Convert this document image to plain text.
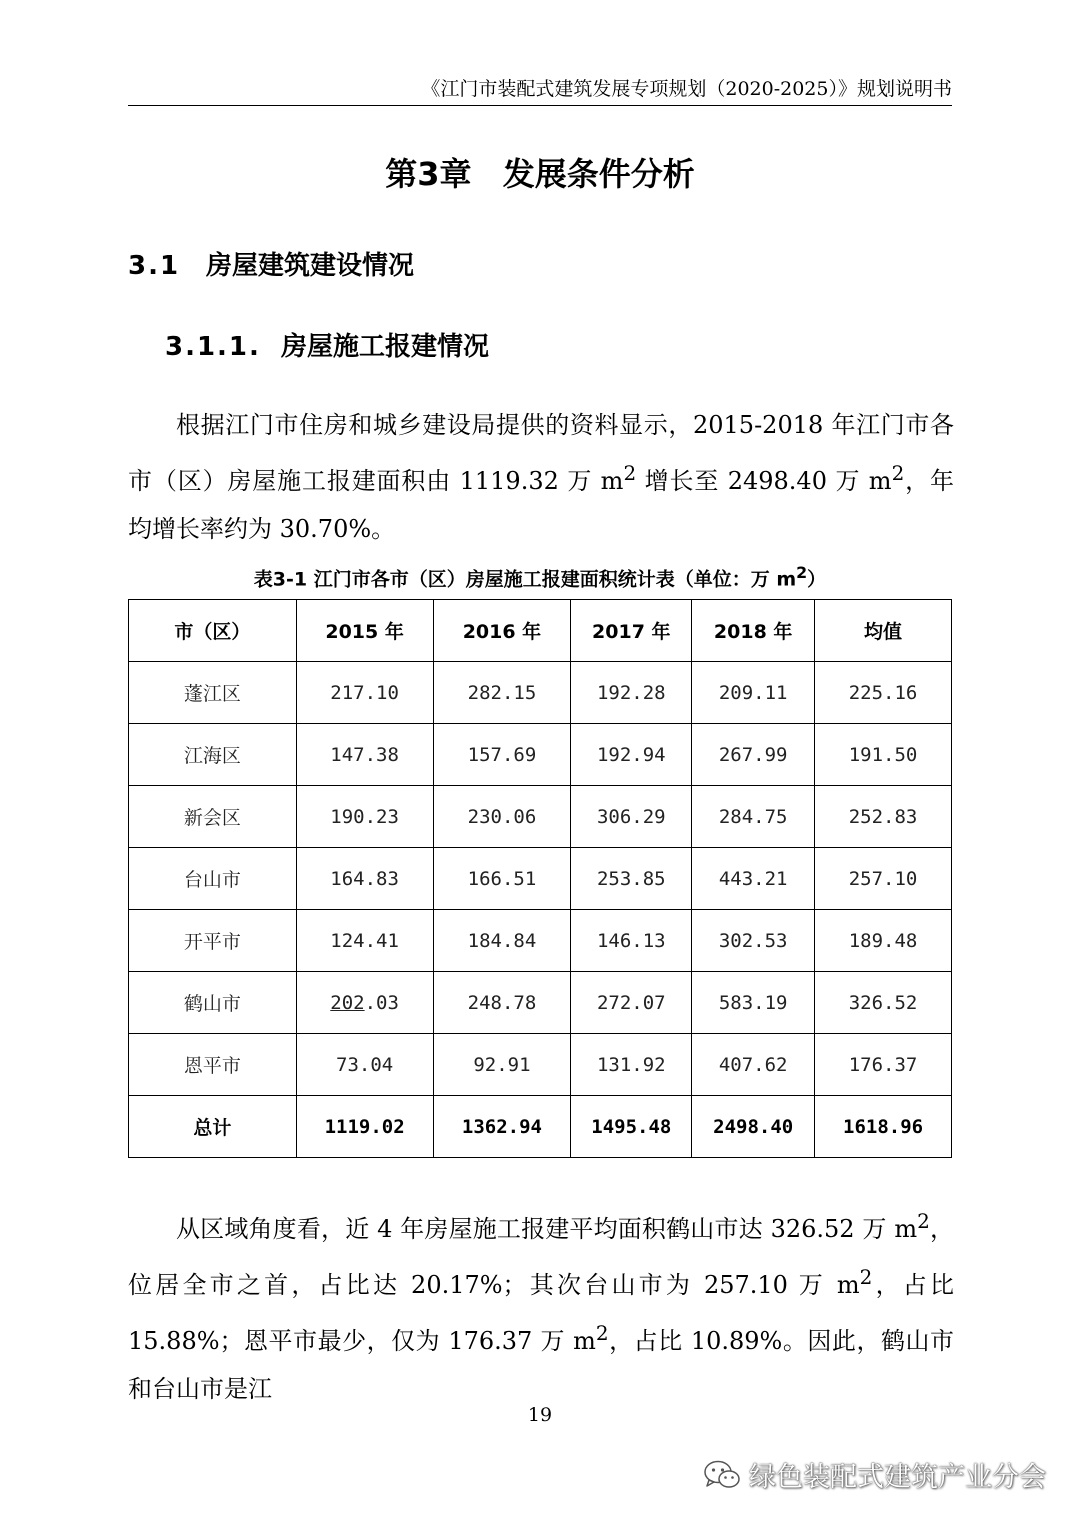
《江门市装配式建筑发展专项规划（2020-2025）》规划说明书
第3章 发展条件分析
3.1 房屋建筑建设情况
3.1.1. 房屋施工报建情况

根据江门市住房和城乡建设局提供的资料显示，2015-2018 年江门市各市（区）房屋施工报建面积由 1119.32 万 $m^2$ 增长至 2498.40 万 $m^2$，年均增长率约为 30.70%。

表3-1 江门市各市（区）房屋施工报建面积统计表（单位：万 $m^2$）
市（区）	2015 年	2016 年	2017 年	2018 年	均值
蓬江区	217.10	282.15	192.28	209.11	225.16
江海区	147.38	157.69	192.94	267.99	191.50
新会区	190.23	230.06	306.29	284.75	252.83
台山市	164.83	166.51	253.85	443.21	257.10
开平市	124.41	184.84	146.13	302.53	189.48
鹤山市	202.03	248.78	272.07	583.19	326.52
恩平市	73.04	92.91	131.92	407.62	176.37
总计	1119.02	1362.94	1495.48	2498.40	1618.96

从区域角度看，近 4 年房屋施工报建平均面积鹤山市达 326.52 万 $m^2$，位居全市之首，占比达 20.17%；其次台山市为 257.10 万 $m^2$，占比 15.88%；恩平市最少，仅为 176.37 万 $m^2$，占比 10.89%。因此，鹤山市和台山市是江

19
绿色装配式建筑产业分会
